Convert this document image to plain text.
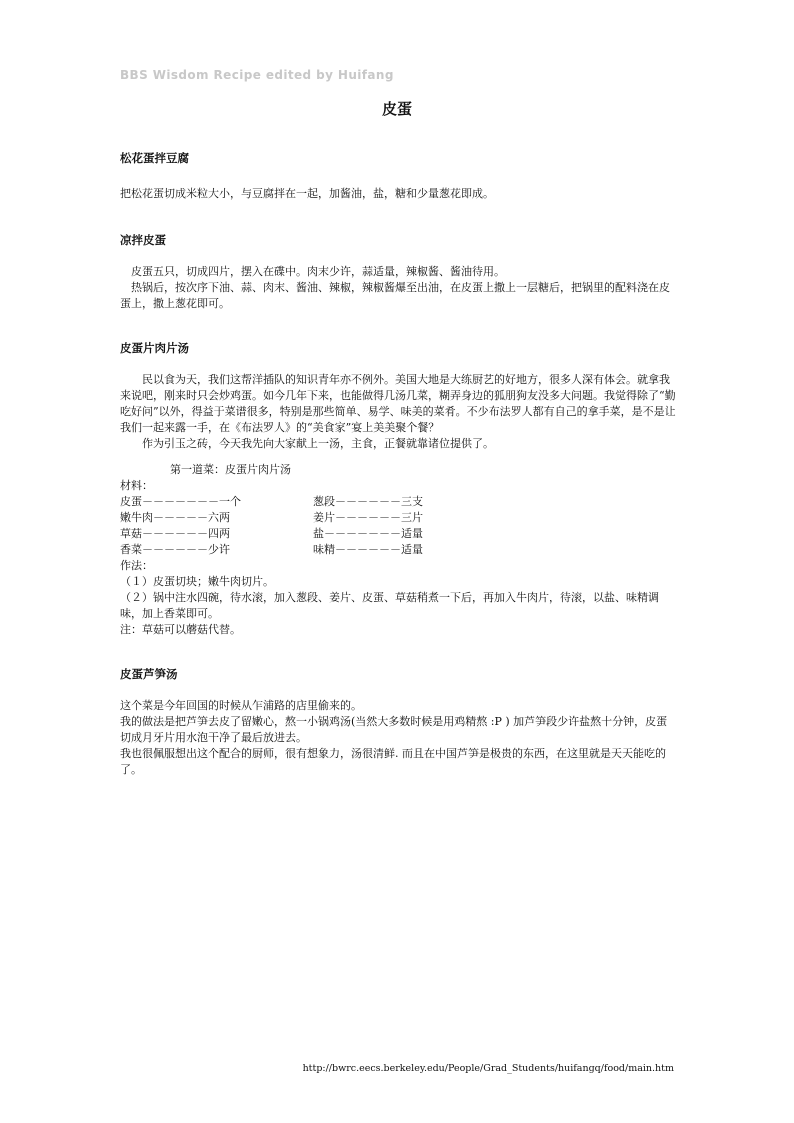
BBS Wisdom Recipe edited by Huifang
皮蛋

松花蛋拌豆腐

把松花蛋切成米粒大小，与豆腐拌在一起，加酱油，盐，糖和少量葱花即成。

凉拌皮蛋

皮蛋五只，切成四片，摆入在碟中。肉末少许，蒜适量，辣椒酱、酱油待用。

热锅后，按次序下油、蒜、肉末、酱油、辣椒，辣椒酱爆至出油，在皮蛋上撒上一层糖后，把锅里的配料浇在皮蛋上，撒上葱花即可。

皮蛋片肉片汤

民以食为天，我们这帮洋插队的知识青年亦不例外。美国大地是大练厨艺的好地方，很多人深有体会。就拿我来说吧，刚来时只会炒鸡蛋。如今几年下来，也能做得几汤几菜，糊弄身边的狐朋狗友没多大问题。我觉得除了“勤吃好问”以外，得益于菜谱很多，特别是那些简单、易学、味美的菜肴。不少布法罗人都有自己的拿手菜，是不是让我们一起来露一手，在《布法罗人》的“美食家”宴上美美聚个餐？

作为引玉之砖，今天我先向大家献上一汤，主食，正餐就靠诸位提供了。

第一道菜：皮蛋片肉片汤

材料：

皮蛋－－－－－－－一个	葱段－－－－－－三支
嫩牛肉－－－－－六两	姜片－－－－－－三片
草菇－－－－－－四两	盐－－－－－－－适量
香菜－－－－－－少许	味精－－－－－－适量

作法：

（１）皮蛋切块；嫩牛肉切片。

（２）锅中注水四碗，待水滚，加入葱段、姜片、皮蛋、草菇稍煮一下后，再加入牛肉片，待滚，以盐、味精调味，加上香菜即可。

注：草菇可以蘑菇代替。

皮蛋芦笋汤

这个菜是今年回国的时候从乍浦路的店里偷来的。

我的做法是把芦笋去皮了留嫩心，熬一小锅鸡汤(当然大多数时候是用鸡精熬 :P ) 加芦笋段少许盐熬十分钟，皮蛋切成月牙片用水泡干净了最后放进去。

我也很佩服想出这个配合的厨师，很有想象力，汤很清鲜. 而且在中国芦笋是极贵的东西，在这里就是天天能吃的了。

http://bwrc.eecs.berkeley.edu/People/Grad_Students/huifangq/food/main.htm
